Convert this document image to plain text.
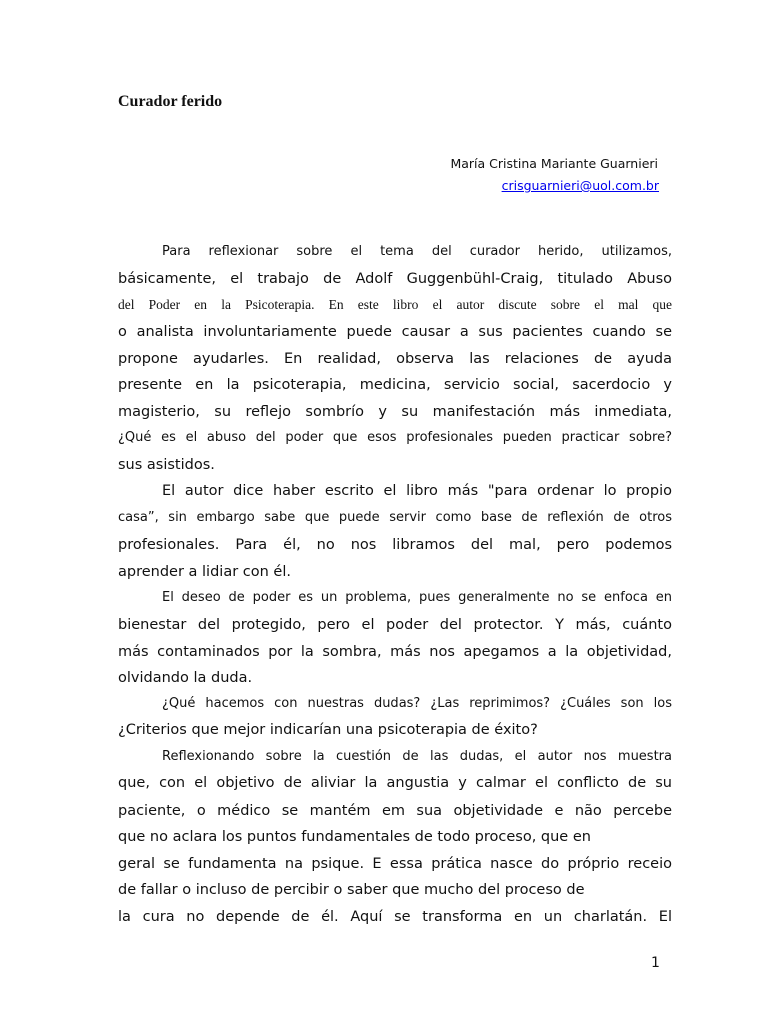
Curador ferido
María Cristina Mariante Guarnieri
crisguarnieri@uol.com.br
Para reflexionar sobre el tema del curador herido, utilizamos,
básicamente, el trabajo de Adolf Guggenbühl-Craig, titulado Abuso
del Poder en la Psicoterapia. En este libro el autor discute sobre el mal que
o analista involuntariamente puede causar a sus pacientes cuando se
propone ayudarles. En realidad, observa las relaciones de ayuda
presente en la psicoterapia, medicina, servicio social, sacerdocio y
magisterio, su reflejo sombrío y su manifestación más inmediata,
¿Qué es el abuso del poder que esos profesionales pueden practicar sobre?
sus asistidos.
El autor dice haber escrito el libro más "para ordenar lo propio
casa”, sin embargo sabe que puede servir como base de reflexión de otros
profesionales. Para él, no nos libramos del mal, pero podemos
aprender a lidiar con él.
El deseo de poder es un problema, pues generalmente no se enfoca en
bienestar del protegido, pero el poder del protector. Y más, cuánto
más contaminados por la sombra, más nos apegamos a la objetividad,
olvidando la duda.
¿Qué hacemos con nuestras dudas? ¿Las reprimimos? ¿Cuáles son los
¿Criterios que mejor indicarían una psicoterapia de éxito?
Reflexionando sobre la cuestión de las dudas, el autor nos muestra
que, con el objetivo de aliviar la angustia y calmar el conflicto de su
paciente, o médico se mantém em sua objetividade e não percebe
que no aclara los puntos fundamentales de todo proceso, que en
geral se fundamenta na psique. E essa prática nasce do próprio receio
de fallar o incluso de percibir o saber que mucho del proceso de
la cura no depende de él. Aquí se transforma en un charlatán. El
1
